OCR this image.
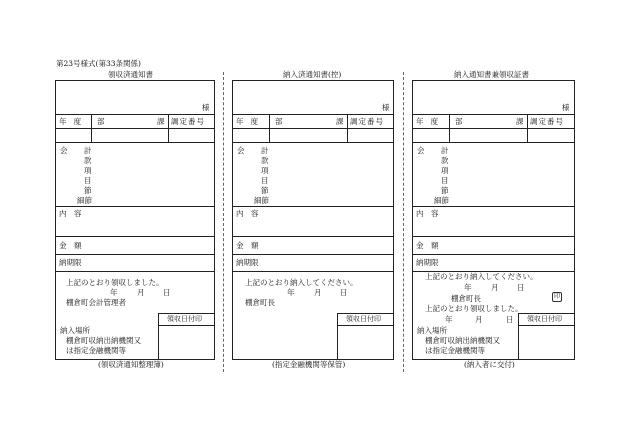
第23号様式(第33条関係)
領収済通知書
様
年 度 部	課 調定番号
会 計
款
項
目
節
細節
内　容
金　額
納期限
上記のとおり領収しました。
年	月 日
棚倉町会計管理者
領収日付印
納入場所
棚倉町収納出納機関又
は指定金融機関等
(領収済通知整理簿)
納入済通知書(控)
様
年 度 部	課 調定番号
会 計
款
項
目
節
細節
内　容
金　額
納期限
上記のとおり納入してください。
年	月 日
棚倉町長
領収日付印
(指定金融機関等保管)
納入通知書兼領収証書
様
年 度 部	課 調定番号
会 計
款
項
目
節
細節
内　容
金　額
納期限
上記のとおり納入してください。
年	月 日
棚倉町長	印
上記のとおり領収しました。
年	月	日 領収日付印
納入場所
棚倉町収納出納機関又
は指定金融機関等
(納入者に交付)
